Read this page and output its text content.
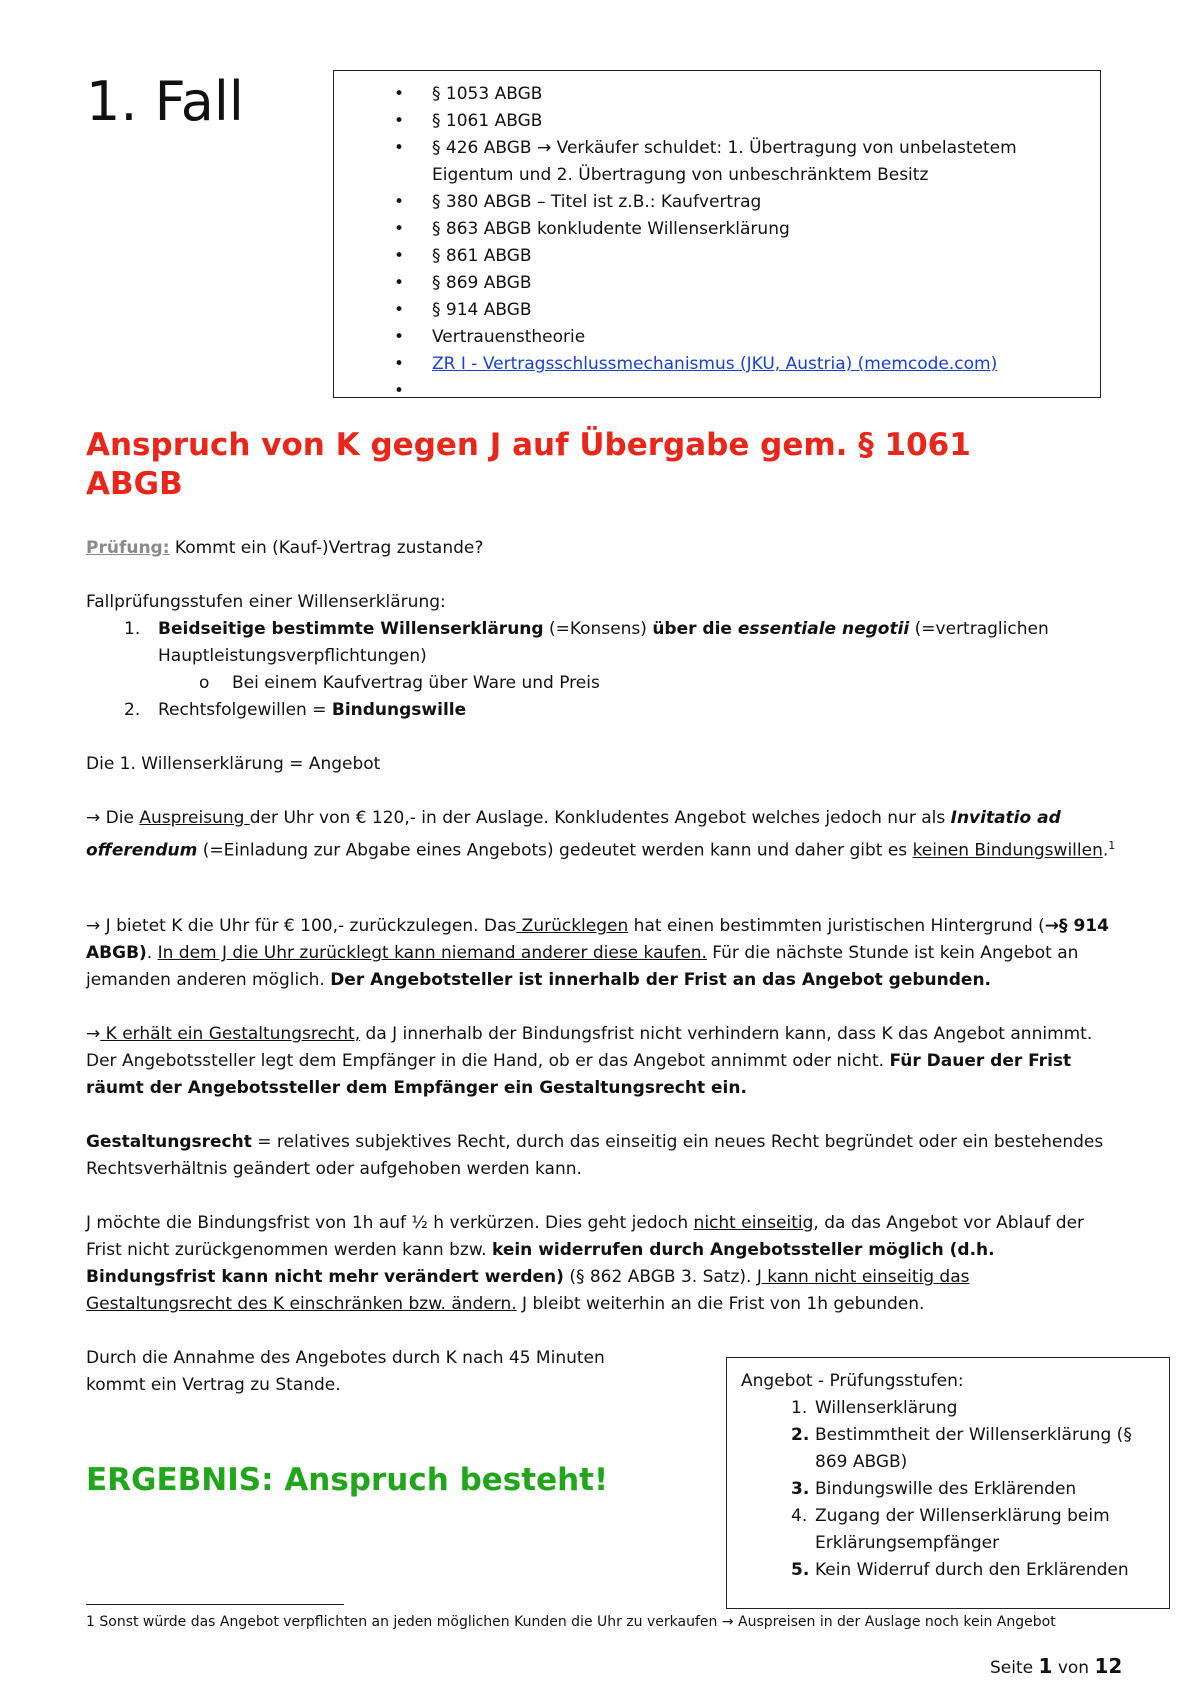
1. Fall	• § 1053 ABGB
• § 1061 ABGB
• § 426 ABGB → Verkäufer schuldet: 1. Übertragung von unbelastetem Eigentum und 2. Übertragung von unbeschränktem Besitz
• § 380 ABGB – Titel ist z.B.: Kaufvertrag
• § 863 ABGB konkludente Willenserklärung
• § 861 ABGB
• § 869 ABGB
• § 914 ABGB
• Vertrauenstheorie
• ZR I - Vertragsschlussmechanismus (JKU, Austria) (memcode.com)
•
Anspruch von K gegen J auf Übergabe gem. § 1061 ABGB
Prüfung: Kommt ein (Kauf-)Vertrag zustande?
Fallprüfungsstufen einer Willenserklärung:
1. Beidseitige bestimmte Willenserklärung (=Konsens) über die essentiale negotii (=vertraglichen Hauptleistungsverpflichtungen)
o Bei einem Kaufvertrag über Ware und Preis
2. Rechtsfolgewillen = Bindungswille
Die 1. Willenserklärung = Angebot
→ Die Auspreisung der Uhr von € 120,- in der Auslage. Konkludentes Angebot welches jedoch nur als Invitatio ad offerendum (=Einladung zur Abgabe eines Angebots) gedeutet werden kann und daher gibt es keinen Bindungswillen.$^1$
→ J bietet K die Uhr für € 100,- zurückzulegen. Das Zurücklegen hat einen bestimmten juristischen Hintergrund (→§ 914 ABGB). In dem J die Uhr zurücklegt kann niemand anderer diese kaufen. Für die nächste Stunde ist kein Angebot an jemanden anderen möglich. Der Angebotsteller ist innerhalb der Frist an das Angebot gebunden.
→ K erhält ein Gestaltungsrecht, da J innerhalb der Bindungsfrist nicht verhindern kann, dass K das Angebot annimmt. Der Angebotssteller legt dem Empfänger in die Hand, ob er das Angebot annimmt oder nicht. Für Dauer der Frist räumt der Angebotssteller dem Empfänger ein Gestaltungsrecht ein.
Gestaltungsrecht = relatives subjektives Recht, durch das einseitig ein neues Recht begründet oder ein bestehendes Rechtsverhältnis geändert oder aufgehoben werden kann.
J möchte die Bindungsfrist von 1h auf ½ h verkürzen. Dies geht jedoch nicht einseitig, da das Angebot vor Ablauf der Frist nicht zurückgenommen werden kann bzw. kein widerrufen durch Angebotssteller möglich (d.h. Bindungsfrist kann nicht mehr verändert werden) (§ 862 ABGB 3. Satz). J kann nicht einseitig das Gestaltungsrecht des K einschränken bzw. ändern. J bleibt weiterhin an die Frist von 1h gebunden.
Durch die Annahme des Angebotes durch K nach 45 Minuten kommt ein Vertrag zu Stande.
ERGEBNIS: Anspruch besteht!
Angebot - Prüfungsstufen:
1. Willenserklärung
2. Bestimmtheit der Willenserklärung (§ 869 ABGB)
3. Bindungswille des Erklärenden
4. Zugang der Willenserklärung beim Erklärungsempfänger
5. Kein Widerruf durch den Erklärenden
1 Sonst würde das Angebot verpflichten an jeden möglichen Kunden die Uhr zu verkaufen → Auspreisen in der Auslage noch kein Angebot
Seite 1 von 12
